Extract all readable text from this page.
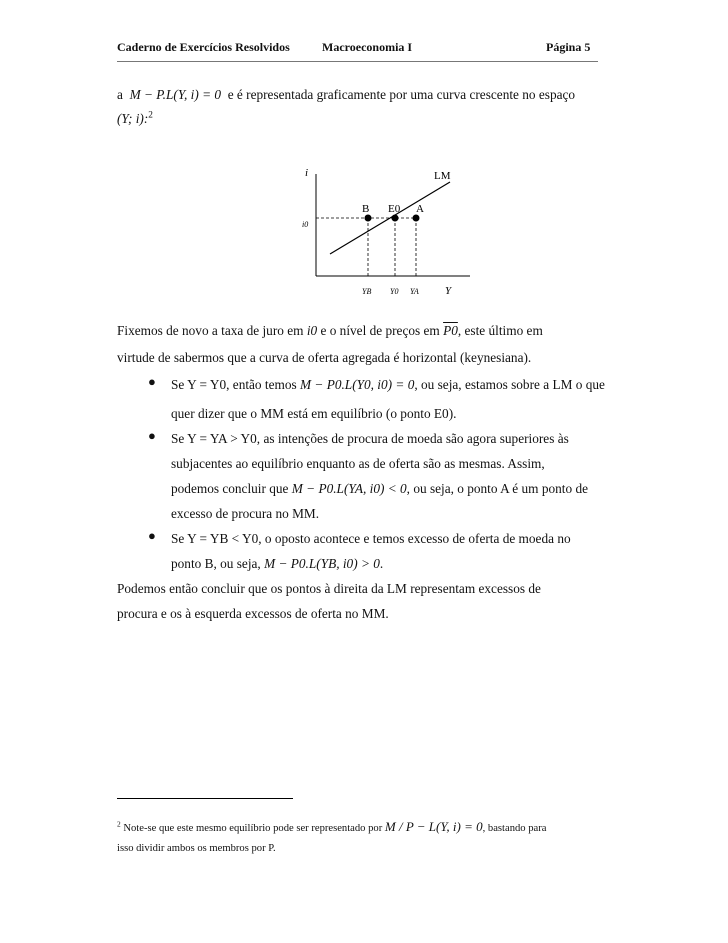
Caderno de Exercícios Resolvidos	Macroeconomia I	Página 5
a M − P.L(Y, i) = 0 e é representada graficamente por uma curva crescente no espaço
(Y; i):$^2$
i	LM
B E0 A
i0
YB Y0 YA Y
Fixemos de novo a taxa de juro em i0 e o nível de preços em P0, este último em
virtude de sabermos que a curva de oferta agregada é horizontal (keynesiana).
● Se Y = Y0, então temos M − P0.L(Y0, i0) = 0, ou seja, estamos sobre a LM o que
quer dizer que o MM está em equilíbrio (o ponto E0).
● Se Y = YA > Y0, as intenções de procura de moeda são agora superiores às
subjacentes ao equilíbrio enquanto as de oferta são as mesmas. Assim,
podemos concluir que M − P0.L(YA, i0) < 0, ou seja, o ponto A é um ponto de
excesso de procura no MM.
● Se Y = YB < Y0, o oposto acontece e temos excesso de oferta de moeda no
ponto B, ou seja, M − P0.L(YB, i0) > 0.
Podemos então concluir que os pontos à direita da LM representam excessos de
procura e os à esquerda excessos de oferta no MM.
$^2$ Note-se que este mesmo equilíbrio pode ser representado por M / P − L(Y, i) = 0, bastando para
isso dividir ambos os membros por P.
